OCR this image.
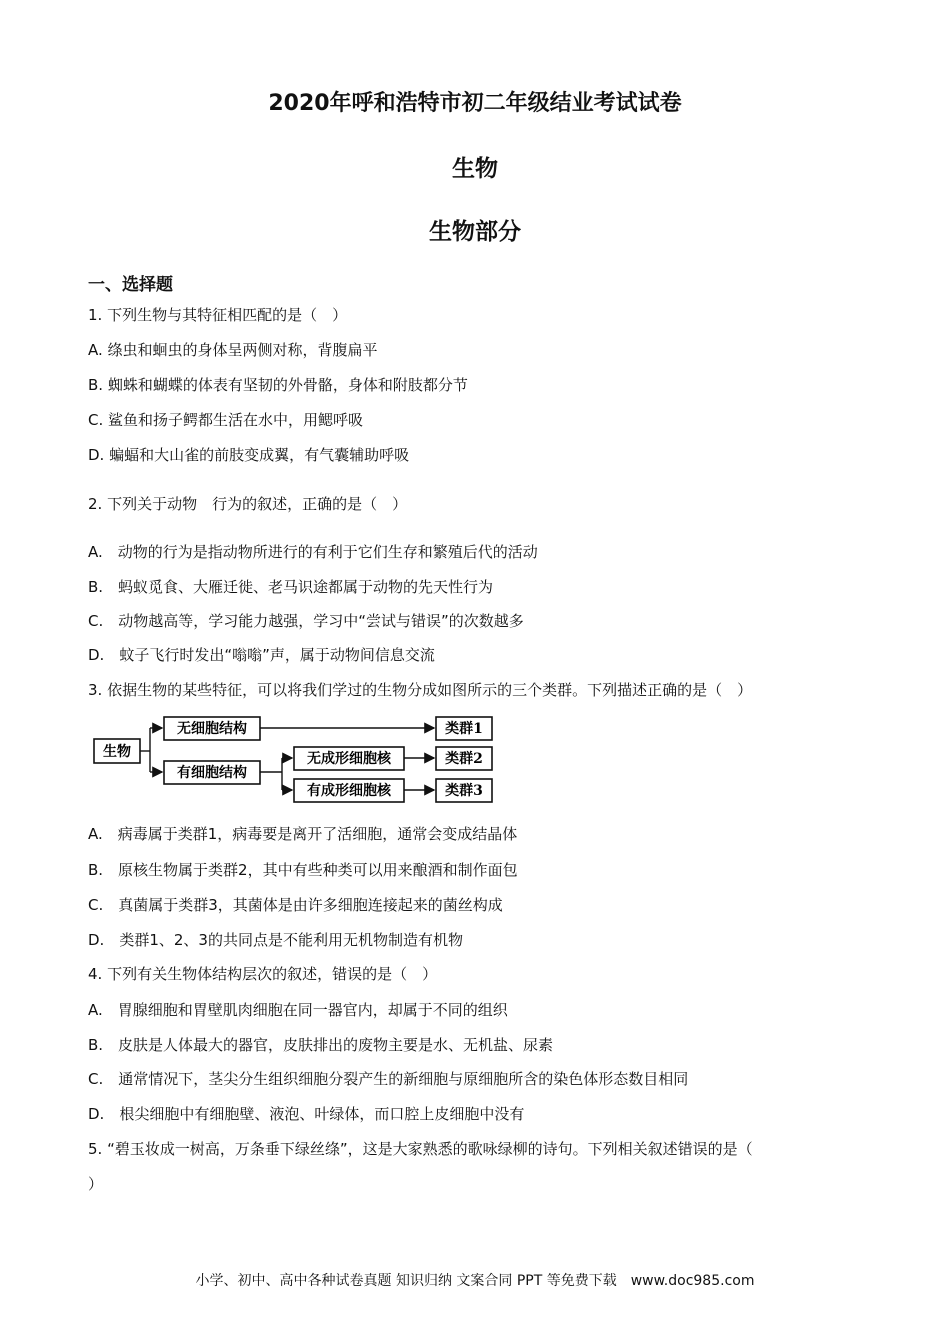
2020年呼和浩特市初二年级结业考试试卷
生物
生物部分
一、选择题
1. 下列生物与其特征相匹配的是（　）
A. 绦虫和蛔虫的身体呈两侧对称，背腹扁平
B. 蜘蛛和蝴蝶的体表有坚韧的外骨骼，身体和附肢都分节
C. 鲨鱼和扬子鳄都生活在水中，用鳃呼吸
D. 蝙蝠和大山雀的前肢变成翼，有气囊辅助呼吸
2. 下列关于动物　行为的叙述，正确的是（　）
A.　动物的行为是指动物所进行的有利于它们生存和繁殖后代的活动
B.　蚂蚁觅食、大雁迁徙、老马识途都属于动物的先天性行为
C.　动物越高等，学习能力越强，学习中“尝试与错误”的次数越多
D.　蚊子飞行时发出“嗡嗡”声，属于动物间信息交流
3. 依据生物的某些特征，可以将我们学过的生物分成如图所示的三个类群。下列描述正确的是（　）
生物
无细胞结构
有细胞结构
无成形细胞核
有成形细胞核
类群1
类群2
类群3
A.　病毒属于类群1，病毒要是离开了活细胞，通常会变成结晶体
B.　原核生物属于类群2，其中有些种类可以用来酿酒和制作面包
C.　真菌属于类群3，其菌体是由许多细胞连接起来的菌丝构成
D.　类群1、2、3的共同点是不能利用无机物制造有机物
4. 下列有关生物体结构层次的叙述，错误的是（　）
A.　胃腺细胞和胃壁肌肉细胞在同一器官内，却属于不同的组织
B.　皮肤是人体最大的器官，皮肤排出的废物主要是水、无机盐、尿素
C.　通常情况下，茎尖分生组织细胞分裂产生的新细胞与原细胞所含的染色体形态数目相同
D.　根尖细胞中有细胞壁、液泡、叶绿体，而口腔上皮细胞中没有
5. “碧玉妆成一树高，万条垂下绿丝绦”，这是大家熟悉的歌咏绿柳的诗句。下列相关叙述错误的是（
）
小学、初中、高中各种试卷真题 知识归纳 文案合同 PPT 等免费下载　www.doc985.com
